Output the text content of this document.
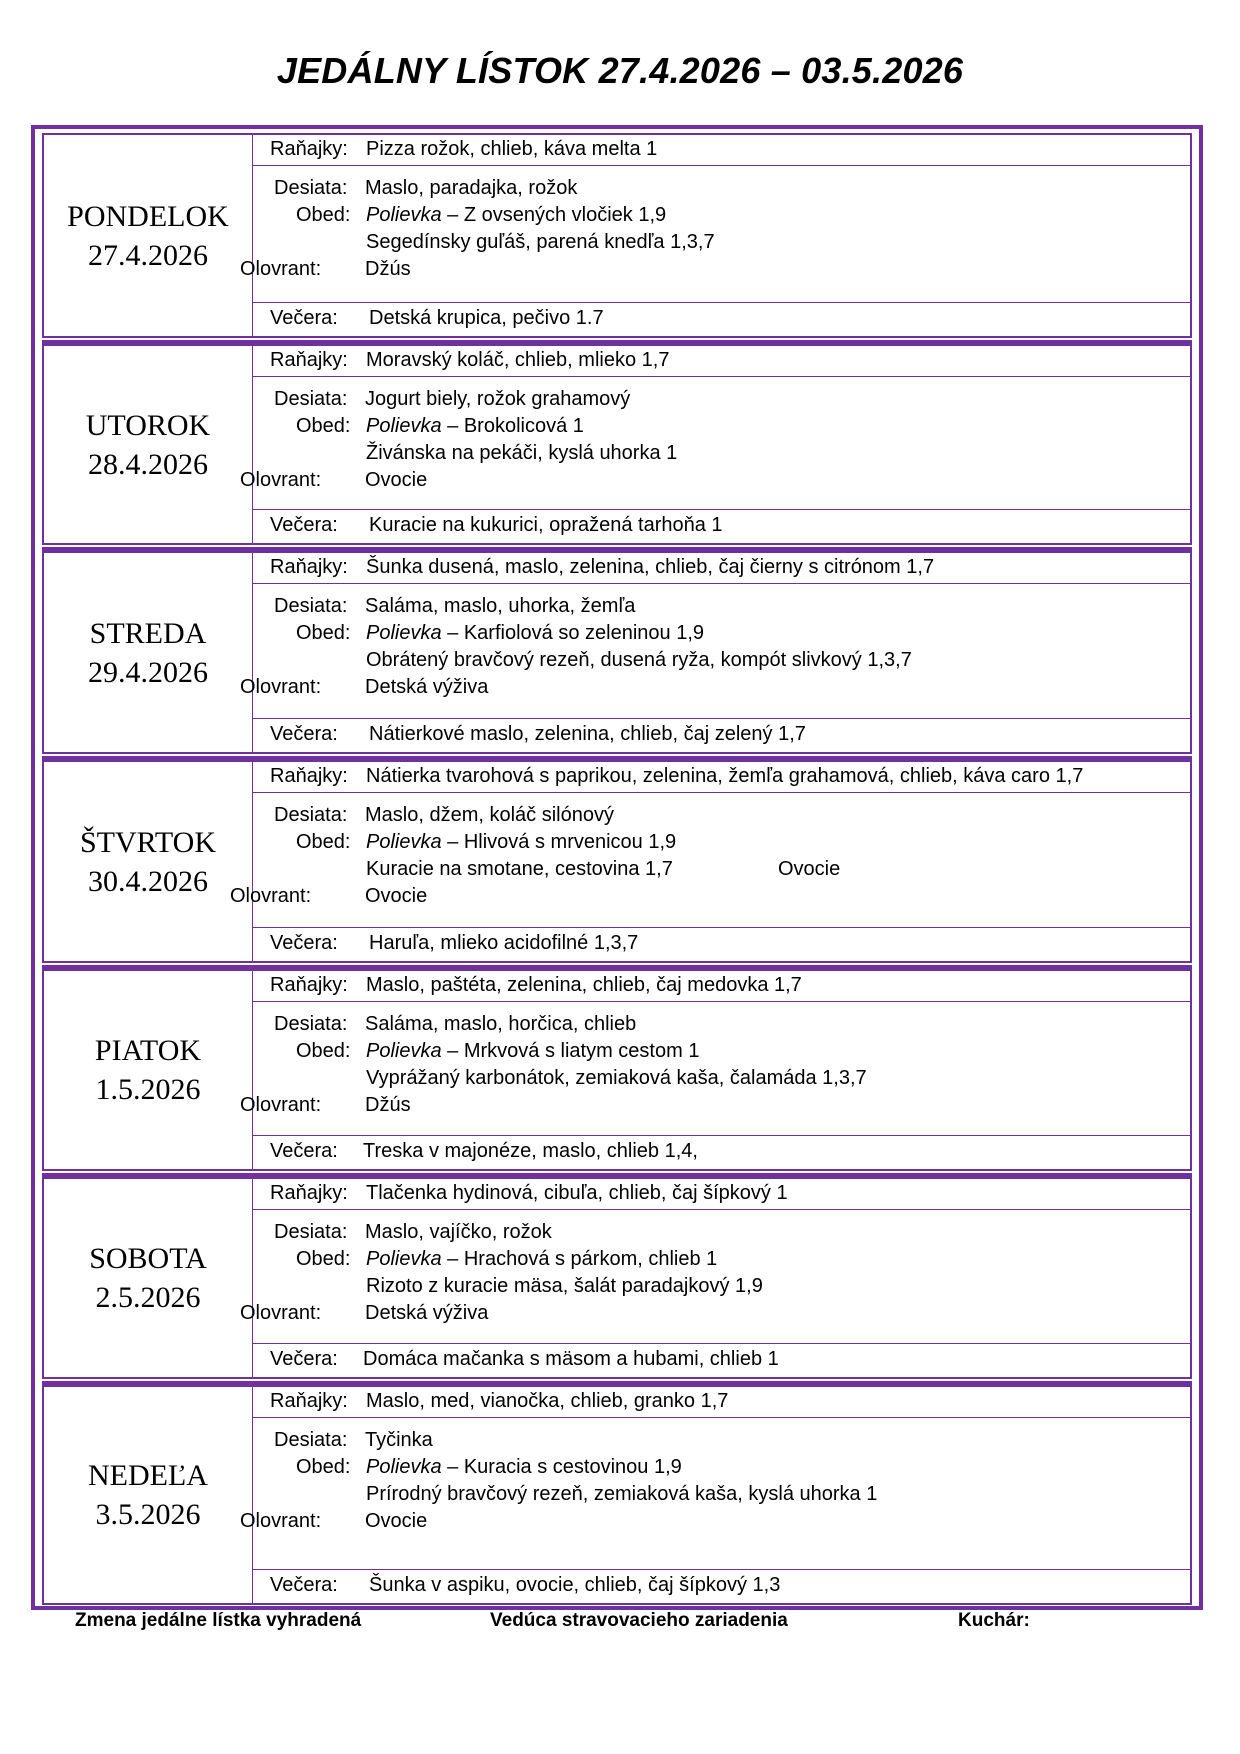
JEDÁLNY LÍSTOK 27.4.2026 – 03.5.2026
PONDELOK
27.4.2026
Raňajky: Pizza rožok, chlieb, káva melta 1
Desiata: Maslo, paradajka, rožok
Obed: Polievka – Z ovsených vločiek 1,9
Segedínsky guľáš, parená knedľa 1,3,7
Olovrant: Džús
Večera: Detská krupica, pečivo 1.7
UTOROK
28.4.2026
Raňajky: Moravský koláč, chlieb, mlieko 1,7
Desiata: Jogurt biely, rožok grahamový
Obed: Polievka – Brokolicová 1
Živánska na pekáči, kyslá uhorka 1
Olovrant: Ovocie
Večera: Kuracie na kukurici, opražená tarhoňa 1
STREDA
29.4.2026
Raňajky: Šunka dusená, maslo, zelenina, chlieb, čaj čierny s citrónom 1,7
Desiata: Saláma, maslo, uhorka, žemľa
Obed: Polievka – Karfiolová so zeleninou 1,9
Obrátený bravčový rezeň, dusená ryža, kompót slivkový 1,3,7
Olovrant: Detská výživa
Večera: Nátierkové maslo, zelenina, chlieb, čaj zelený 1,7
ŠTVRTOK
30.4.2026
Raňajky: Nátierka tvarohová s paprikou, zelenina, žemľa grahamová, chlieb, káva caro 1,7
Desiata: Maslo, džem, koláč silónový
Obed: Polievka – Hlivová s mrvenicou 1,9
Kuracie na smotane, cestovina 1,7	Ovocie
Olovrant:	Ovocie
Večera: Haruľa, mlieko acidofilné 1,3,7
PIATOK
1.5.2026
Raňajky: Maslo, paštéta, zelenina, chlieb, čaj medovka 1,7
Desiata: Saláma, maslo, horčica, chlieb
Obed: Polievka – Mrkvová s liatym cestom 1
Vyprážaný karbonátok, zemiaková kaša, čalamáda 1,3,7
Olovrant: Džús
Večera: Treska v majonéze, maslo, chlieb 1,4,
SOBOTA
2.5.2026
Raňajky: Tlačenka hydinová, cibuľa, chlieb, čaj šípkový 1
Desiata: Maslo, vajíčko, rožok
Obed: Polievka – Hrachová s párkom, chlieb 1
Rizoto z kuracie mäsa, šalát paradajkový 1,9
Olovrant: Detská výživa
Večera: Domáca mačanka s mäsom a hubami, chlieb 1
NEDEĽA
3.5.2026
Raňajky: Maslo, med, vianočka, chlieb, granko 1,7
Desiata: Tyčinka
Obed: Polievka – Kuracia s cestovinou 1,9
Prírodný bravčový rezeň, zemiaková kaša, kyslá uhorka 1
Olovrant: Ovocie
Večera: Šunka v aspiku, ovocie, chlieb, čaj šípkový 1,3
Zmena jedálne lístka vyhradená	Vedúca stravovacieho zariadenia	Kuchár:
